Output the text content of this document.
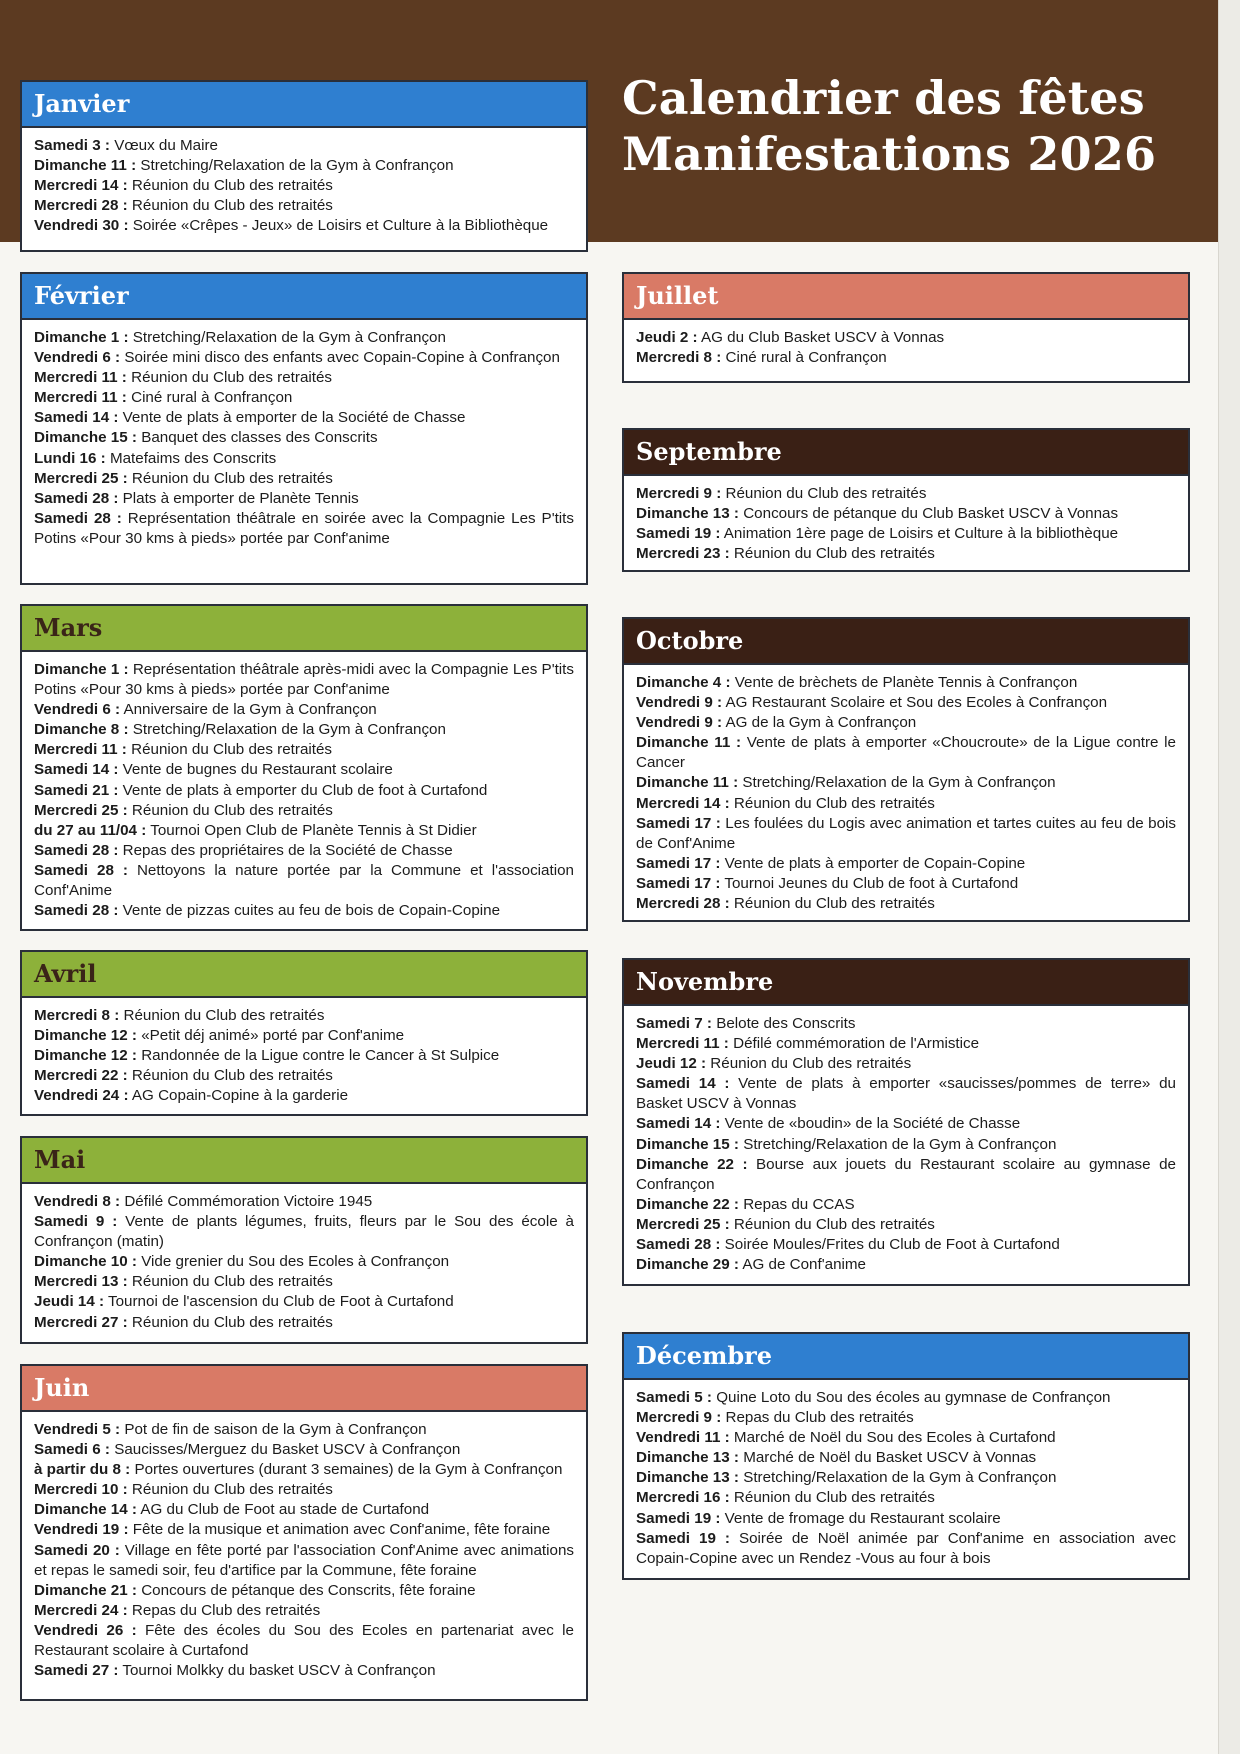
Calendrier des fêtes
Manifestations 2026
Janvier
Samedi 3 : Vœux du Maire
Dimanche 11 : Stretching/Relaxation de la Gym à Confrançon
Mercredi 14 : Réunion du Club des retraités
Mercredi 28 : Réunion du Club des retraités
Vendredi 30 : Soirée «Crêpes - Jeux» de Loisirs et Culture à la Bibliothèque
Février
Dimanche 1 : Stretching/Relaxation de la Gym à Confrançon
Vendredi 6 : Soirée mini disco des enfants avec Copain-Copine à Confrançon
Mercredi 11 : Réunion du Club des retraités
Mercredi 11 : Ciné rural à Confrançon
Samedi 14 : Vente de plats à emporter de la Société de Chasse
Dimanche 15 : Banquet des classes des Conscrits
Lundi 16 : Matefaims des Conscrits
Mercredi 25 : Réunion du Club des retraités
Samedi 28 : Plats à emporter de Planète Tennis
Samedi 28 : Représentation théâtrale en soirée avec la Compagnie Les P'tits Potins «Pour 30 kms à pieds» portée par Conf'anime
Mars
Dimanche 1 : Représentation théâtrale après-midi avec la Compagnie Les P'tits Potins «Pour 30 kms à pieds» portée par Conf'anime
Vendredi 6 : Anniversaire de la Gym à Confrançon
Dimanche 8 : Stretching/Relaxation de la Gym à Confrançon
Mercredi 11 : Réunion du Club des retraités
Samedi 14 : Vente de bugnes du Restaurant scolaire
Samedi 21 : Vente de plats à emporter du Club de foot à Curtafond
Mercredi 25 : Réunion du Club des retraités
du 27 au 11/04 : Tournoi Open Club de Planète Tennis à St Didier
Samedi 28 : Repas des propriétaires de la Société de Chasse
Samedi 28 : Nettoyons la nature portée par la Commune et l'association Conf'Anime
Samedi 28 : Vente de pizzas cuites au feu de bois de Copain-Copine
Avril
Mercredi 8 : Réunion du Club des retraités
Dimanche 12 : «Petit déj animé» porté par Conf'anime
Dimanche 12 : Randonnée de la Ligue contre le Cancer à St Sulpice
Mercredi 22 : Réunion du Club des retraités
Vendredi 24 : AG Copain-Copine à la garderie
Mai
Vendredi 8 : Défilé Commémoration Victoire 1945
Samedi 9 : Vente de plants légumes, fruits, fleurs par le Sou des école à Confrançon (matin)
Dimanche 10 : Vide grenier du Sou des Ecoles à Confrançon
Mercredi 13 : Réunion du Club des retraités
Jeudi 14 : Tournoi de l'ascension du Club de Foot à Curtafond
Mercredi 27 : Réunion du Club des retraités
Juin
Vendredi 5 : Pot de fin de saison de la Gym à Confrançon
Samedi 6 : Saucisses/Merguez du Basket USCV à Confrançon
à partir du 8 : Portes ouvertures (durant 3 semaines) de la Gym à Confrançon
Mercredi 10 : Réunion du Club des retraités
Dimanche 14 : AG du Club de Foot au stade de Curtafond
Vendredi 19 : Fête de la musique et animation avec Conf'anime, fête foraine
Samedi 20 : Village en fête porté par l'association Conf'Anime avec animations et repas le samedi soir, feu d'artifice par la Commune, fête foraine
Dimanche 21 : Concours de pétanque des Conscrits, fête foraine
Mercredi 24 : Repas du Club des retraités
Vendredi 26 : Fête des écoles du Sou des Ecoles en partenariat avec le Restaurant scolaire à Curtafond
Samedi 27 : Tournoi Molkky du basket USCV à Confrançon
Juillet
Jeudi 2 : AG du Club Basket USCV à Vonnas
Mercredi 8 : Ciné rural à Confrançon
Septembre
Mercredi 9 : Réunion du Club des retraités
Dimanche 13 : Concours de pétanque du Club Basket USCV à Vonnas
Samedi 19 : Animation 1ère page de Loisirs et Culture à la bibliothèque
Mercredi 23 : Réunion du Club des retraités
Octobre
Dimanche 4 : Vente de brèchets de Planète Tennis à Confrançon
Vendredi 9 : AG Restaurant Scolaire et Sou des Ecoles à Confrançon
Vendredi 9 : AG de la Gym à Confrançon
Dimanche 11 : Vente de plats à emporter «Choucroute» de la Ligue contre le Cancer
Dimanche 11 : Stretching/Relaxation de la Gym à Confrançon
Mercredi 14 : Réunion du Club des retraités
Samedi 17 : Les foulées du Logis avec animation et tartes cuites au feu de bois de Conf'Anime
Samedi 17 : Vente de plats à emporter de Copain-Copine
Samedi 17 : Tournoi Jeunes du Club de foot à Curtafond
Mercredi 28 : Réunion du Club des retraités
Novembre
Samedi 7 : Belote des Conscrits
Mercredi 11 : Défilé commémoration de l'Armistice
Jeudi 12 : Réunion du Club des retraités
Samedi 14 : Vente de plats à emporter «saucisses/pommes de terre» du Basket USCV à Vonnas
Samedi 14 : Vente de «boudin» de la Société de Chasse
Dimanche 15 : Stretching/Relaxation de la Gym à Confrançon
Dimanche 22 : Bourse aux jouets du Restaurant scolaire au gymnase de Confrançon
Dimanche 22 : Repas du CCAS
Mercredi 25 : Réunion du Club des retraités
Samedi 28 : Soirée Moules/Frites du Club de Foot à Curtafond
Dimanche 29 : AG de Conf'anime
Décembre
Samedi 5 : Quine Loto du Sou des écoles au gymnase de Confrançon
Mercredi 9 : Repas du Club des retraités
Vendredi 11 : Marché de Noël du Sou des Ecoles à Curtafond
Dimanche 13 : Marché de Noël du Basket USCV à Vonnas
Dimanche 13 : Stretching/Relaxation de la Gym à Confrançon
Mercredi 16 : Réunion du Club des retraités
Samedi 19 : Vente de fromage du Restaurant scolaire
Samedi 19 : Soirée de Noël animée par Conf'anime en association avec Copain-Copine avec un Rendez -Vous au four à bois
